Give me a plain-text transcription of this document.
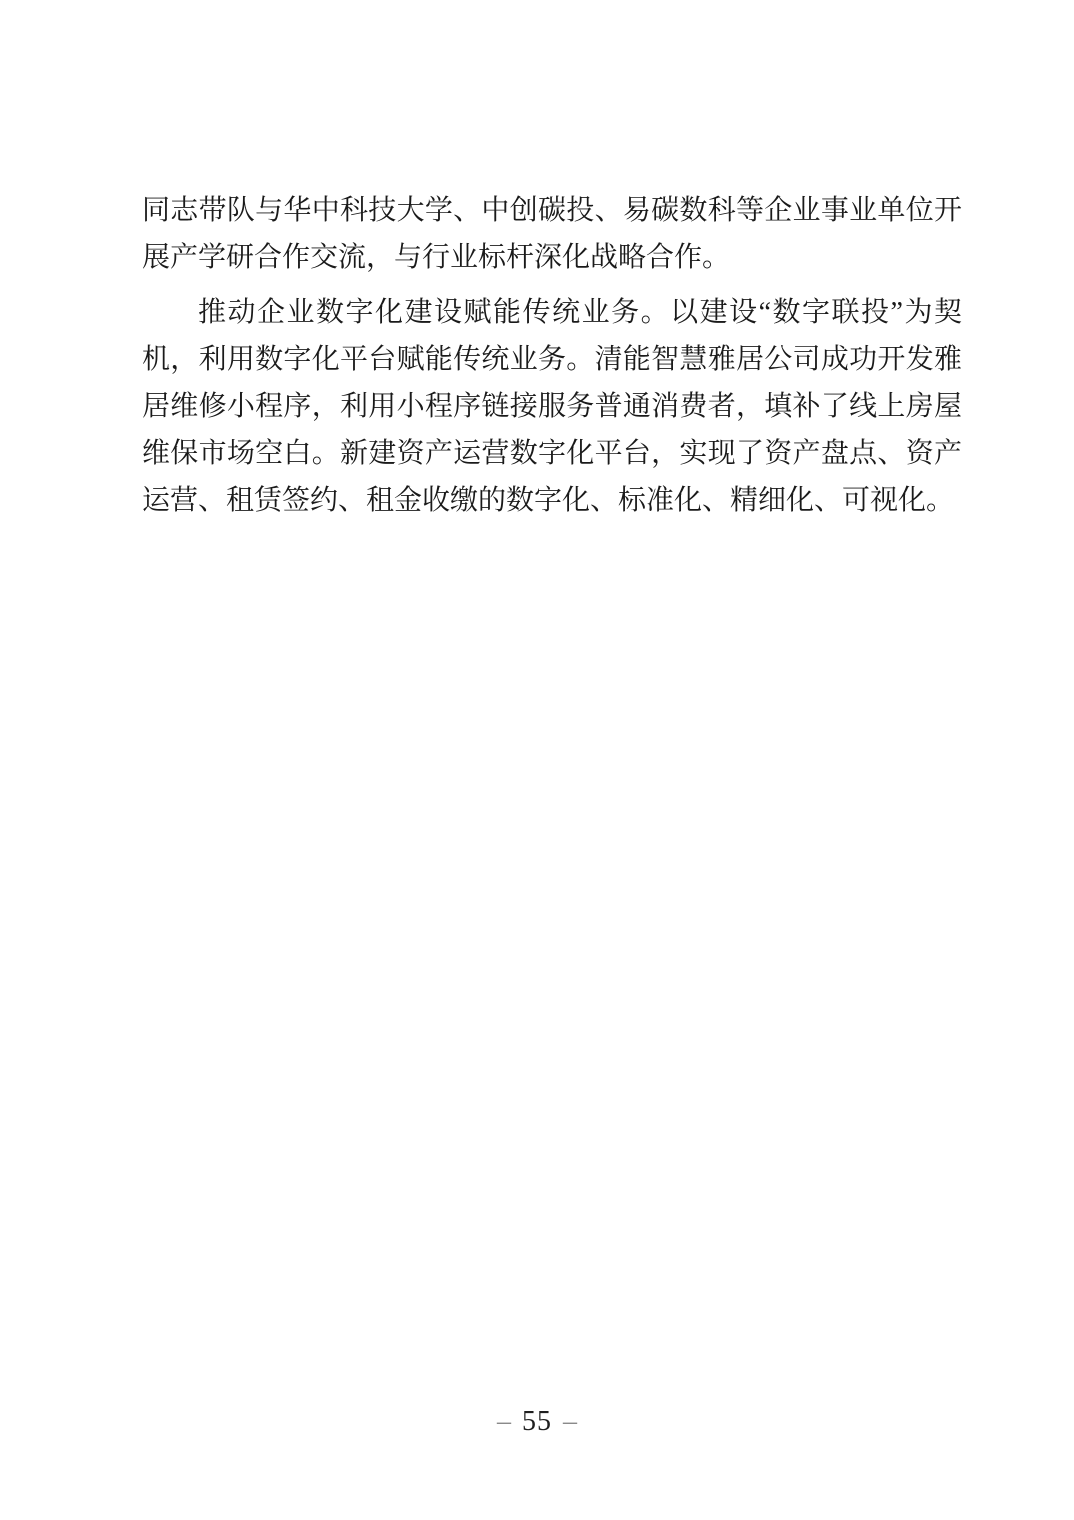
同志带队与华中科技大学、中创碳投、易碳数科等企业事业单位开
展产学研合作交流，与行业标杆深化战略合作。

推动企业数字化建设赋能传统业务。以建设“数字联投”为契
机，利用数字化平台赋能传统业务。清能智慧雅居公司成功开发雅
居维修小程序，利用小程序链接服务普通消费者，填补了线上房屋
维保市场空白。新建资产运营数字化平台，实现了资产盘点、资产
运营、租赁签约、租金收缴的数字化、标准化、精细化、可视化。

– 55 –
